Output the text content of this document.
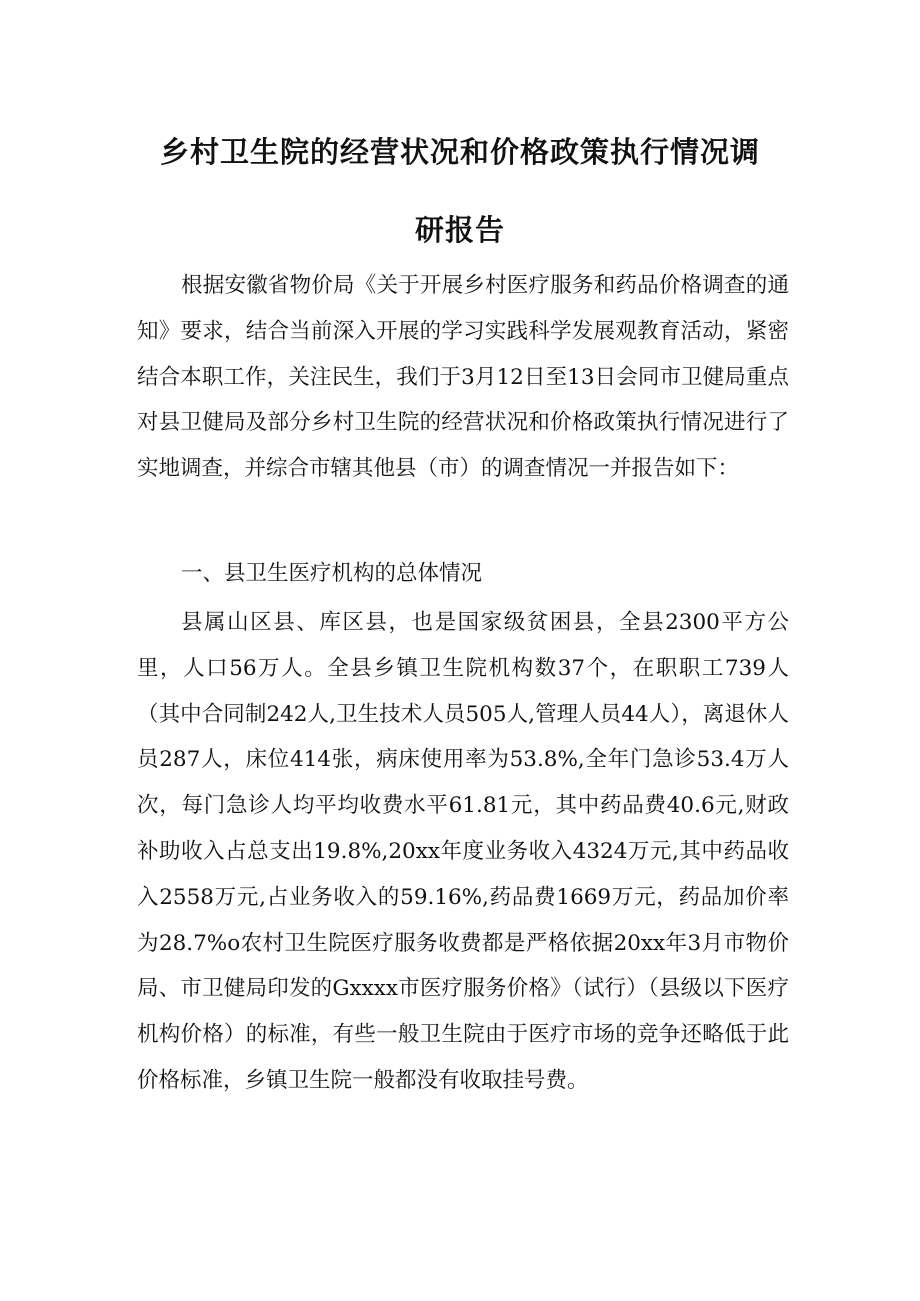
乡村卫生院的经营状况和价格政策执行情况调
研报告

根据安徽省物价局《关于开展乡村医疗服务和药品价格调查的通知》要求，结合当前深入开展的学习实践科学发展观教育活动，紧密结合本职工作，关注民生，我们于3月12日至13日会同市卫健局重点对县卫健局及部分乡村卫生院的经营状况和价格政策执行情况进行了实地调查，并综合市辖其他县（市）的调查情况一并报告如下：

一、县卫生医疗机构的总体情况

县属山区县、库区县，也是国家级贫困县，全县2300平方公里，人口56万人。全县乡镇卫生院机构数37个，在职职工739人（其中合同制242人,卫生技术人员505人,管理人员44人），离退休人员287人，床位414张，病床使用率为53.8%,全年门急诊53.4万人次，每门急诊人均平均收费水平61.81元，其中药品费40.6元,财政补助收入占总支出19.8%,20xx年度业务收入4324万元,其中药品收入2558万元,占业务收入的59.16%,药品费1669万元，药品加价率为28.7%o农村卫生院医疗服务收费都是严格依据20xx年3月市物价局、市卫健局印发的Gxxxx市医疗服务价格》（试行）（县级以下医疗机构价格）的标准，有些一般卫生院由于医疗市场的竞争还略低于此价格标准，乡镇卫生院一般都没有收取挂号费。
